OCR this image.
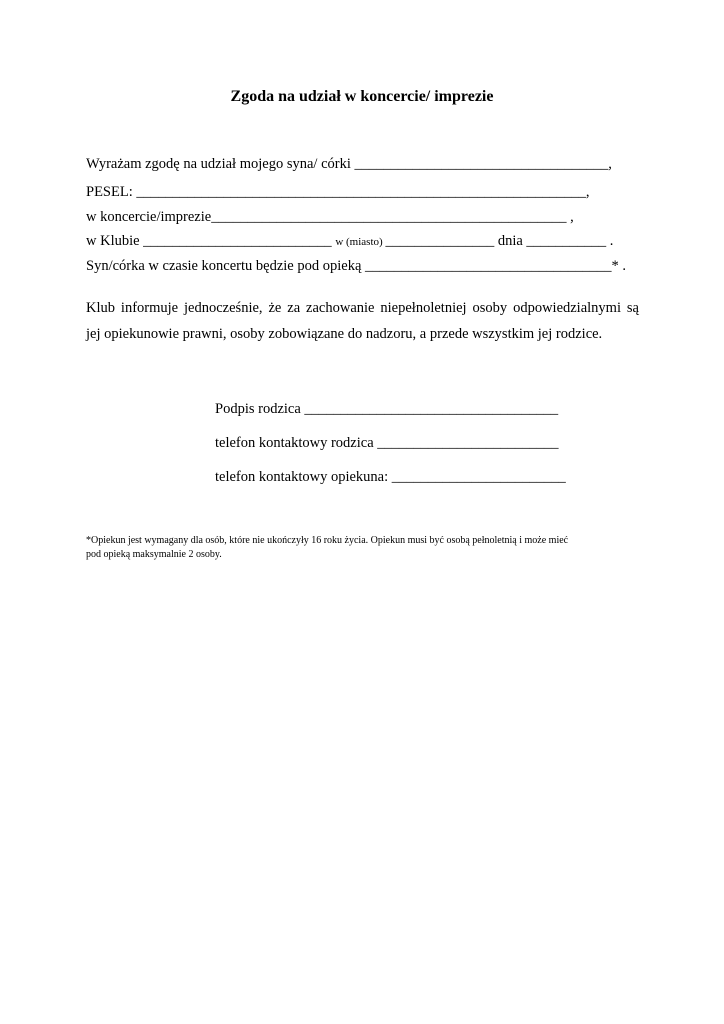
Zgoda na udział w koncercie/ imprezie
Wyrażam zgodę na udział mojego syna/ córki ___________________________________,
PESEL: ______________________________________________________________,
w koncercie/imprezie_________________________________________________ ,
w Klubie __________________________ w (miasto) _______________ dnia ___________ .
Syn/córka w czasie koncertu będzie pod opieką __________________________________* .
Klub informuje jednocześnie, że za zachowanie niepełnoletniej osoby odpowiedzialnymi są
jej opiekunowie prawni, osoby zobowiązane do nadzoru, a przede wszystkim jej rodzice.
Podpis rodzica ___________________________________
telefon kontaktowy rodzica _________________________
telefon kontaktowy opiekuna: ________________________
*Opiekun jest wymagany dla osób, które nie ukończyły 16 roku życia. Opiekun musi być osobą pełnoletnią i może mieć
pod opieką maksymalnie 2 osoby.
